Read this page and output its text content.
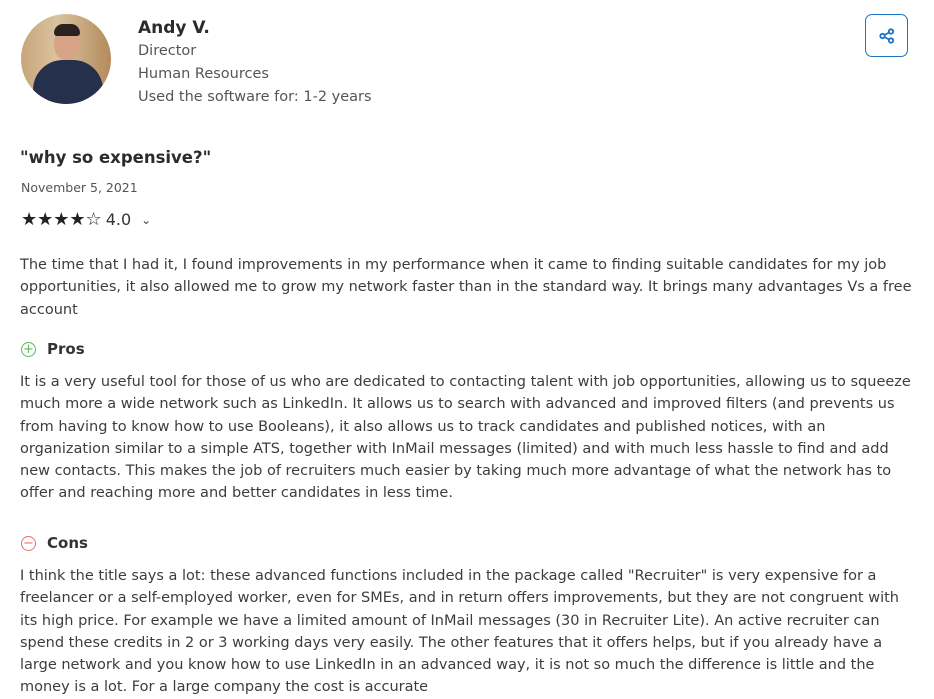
Andy V.
Director
Human Resources
Used the software for: 1-2 years
"why so expensive?"
November 5, 2021
★★★★☆ 4.0 ⌄
The time that I had it, I found improvements in my performance when it came to finding suitable candidates for my job opportunities, it also allowed me to grow my network faster than in the standard way. It brings many advantages Vs a free account
+ Pros
It is a very useful tool for those of us who are dedicated to contacting talent with job opportunities, allowing us to squeeze much more a wide network such as LinkedIn. It allows us to search with advanced and improved filters (and prevents us from having to know how to use Booleans), it also allows us to track candidates and published notices, with an organization similar to a simple ATS, together with InMail messages (limited) and with much less hassle to find and add new contacts. This makes the job of recruiters much easier by taking much more advantage of what the network has to offer and reaching more and better candidates in less time.
− Cons
I think the title says a lot: these advanced functions included in the package called "Recruiter" is very expensive for a freelancer or a self-employed worker, even for SMEs, and in return offers improvements, but they are not congruent with its high price. For example we have a limited amount of InMail messages (30 in Recruiter Lite). An active recruiter can spend these credits in 2 or 3 working days very easily. The other features that it offers helps, but if you already have a large network and you know how to use LinkedIn in an advanced way, it is not so much the difference is little and the money is a lot. For a large company the cost is accurate
